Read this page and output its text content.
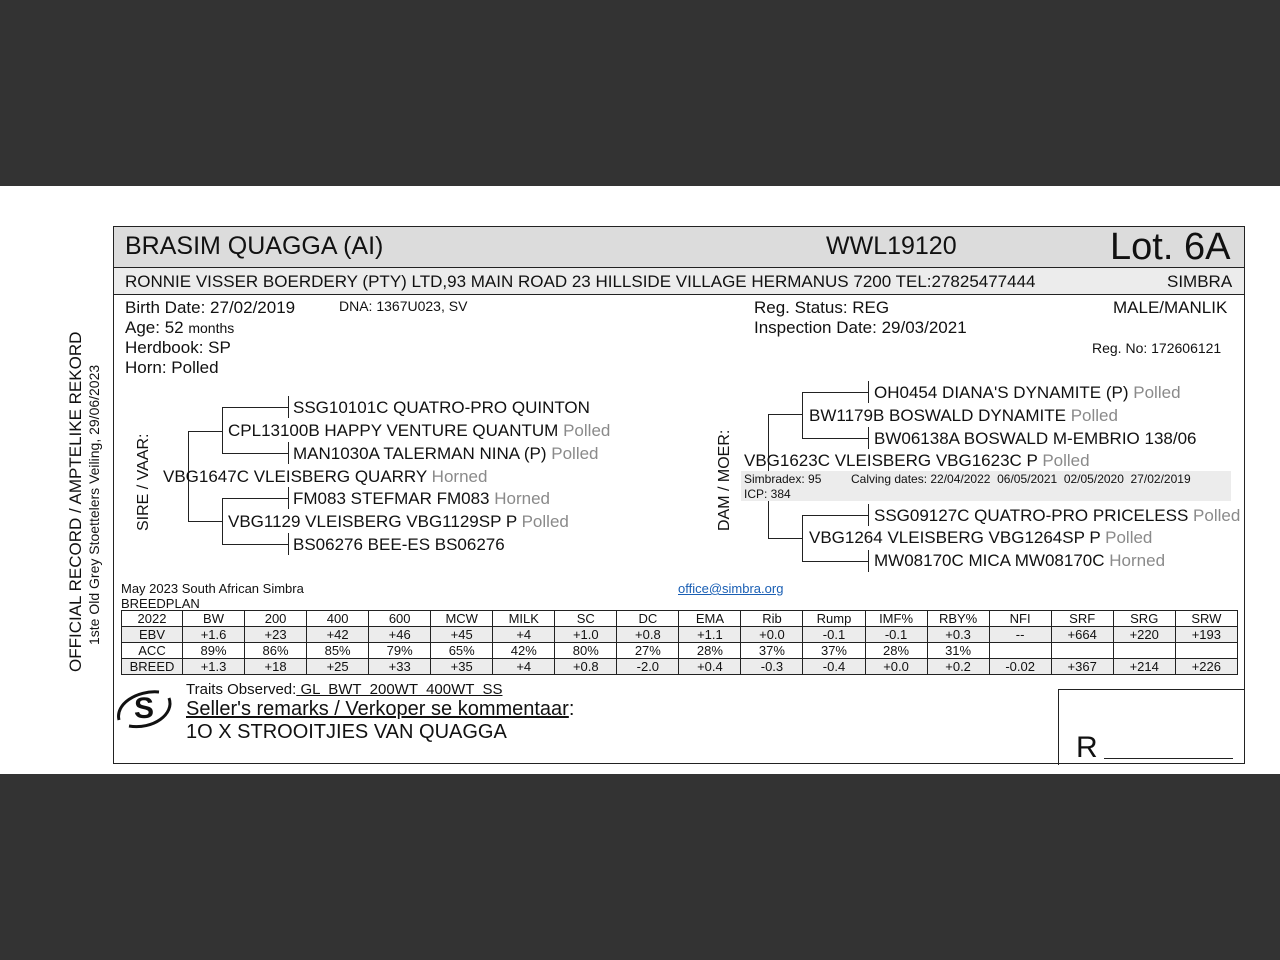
OFFICIAL RECORD / AMPTELIKE REKORD 1ste Old Grey Stoettelers Veiling, 29/06/2023
BRASIM QUAGGA (AI)	WWL19120	Lot. 6A
RONNIE VISSER BOERDERY (PTY) LTD,93 MAIN ROAD 23 HILLSIDE VILLAGE HERMANUS 7200 TEL:27825477444	SIMBRA
Birth Date: 27/02/2019	DNA: 1367U023, SV
Age: 52 months
Herdbook: SP
Horn: Polled
Reg. Status: REG
Inspection Date: 29/03/2021
MALE/MANLIK
Reg. No: 172606121
SIRE / VAAR:
SSG10101C QUATRO-PRO QUINTON
CPL13100B HAPPY VENTURE QUANTUM Polled
MAN1030A TALERMAN NINA (P) Polled
VBG1647C VLEISBERG QUARRY Horned
FM083 STEFMAR FM083 Horned
VBG1129 VLEISBERG VBG1129SP P Polled
BS06276 BEE-ES BS06276
DAM / MOER:
OH0454 DIANA'S DYNAMITE (P) Polled
BW1179B BOSWALD DYNAMITE Polled
BW06138A BOSWALD M-EMBRIO 138/06
VBG1623C VLEISBERG VBG1623C P Polled
Simbradex: 95 Calving dates: 22/04/2022  06/05/2021  02/05/2020  27/02/2019
ICP: 384
SSG09127C QUATRO-PRO PRICELESS Polled
VBG1264 VLEISBERG VBG1264SP P Polled
MW08170C MICA MW08170C Horned
May 2023 South African Simbra
BREEDPLAN
office@simbra.org
2022	BW	200	400	600	MCW	MILK	SC	DC	EMA	Rib	Rump	IMF%	RBY%	NFI	SRF	SRG	SRW
EBV	+1.6	+23	+42	+46	+45	+4	+1.0	+0.8	+1.1	+0.0	-0.1	-0.1	+0.3	--	+664	+220	+193
ACC	89%	86%	85%	79%	65%	42%	80%	27%	28%	37%	37%	28%	31%				
BREED	+1.3	+18	+25	+33	+35	+4	+0.8	-2.0	+0.4	-0.3	-0.4	+0.0	+0.2	-0.02	+367	+214	+226
S
Traits Observed: GL  BWT  200WT  400WT  SS
Seller's remarks / Verkoper se kommentaar:
1O X STROOITJIES VAN QUAGGA	R
